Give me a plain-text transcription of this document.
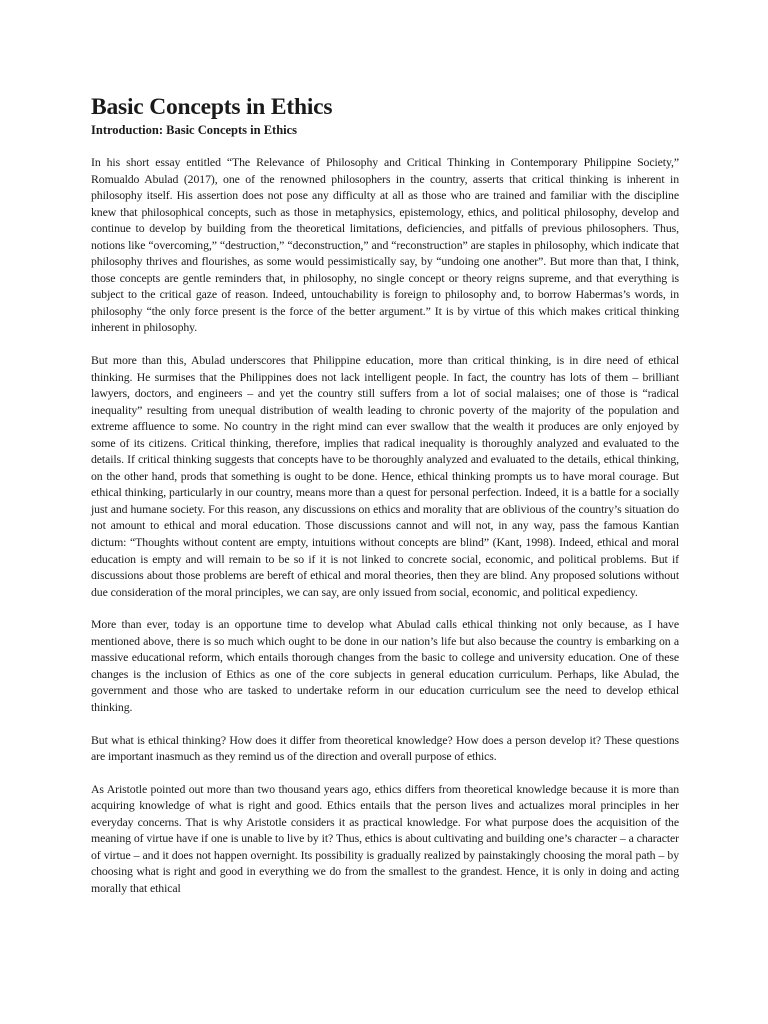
Basic Concepts in Ethics
Introduction: Basic Concepts in Ethics

In his short essay entitled “The Relevance of Philosophy and Critical Thinking in Contemporary Philippine Society,” Romualdo Abulad (2017), one of the renowned philosophers in the country, asserts that critical thinking is inherent in philosophy itself. His assertion does not pose any difficulty at all as those who are trained and familiar with the discipline knew that philosophical concepts, such as those in metaphysics, epistemology, ethics, and political philosophy, develop and continue to develop by building from the theoretical limitations, deficiencies, and pitfalls of previous philosophers. Thus, notions like “overcoming,” “destruction,” “deconstruction,” and “reconstruction” are staples in philosophy, which indicate that philosophy thrives and flourishes, as some would pessimistically say, by “undoing one another”. But more than that, I think, those concepts are gentle reminders that, in philosophy, no single concept or theory reigns supreme, and that everything is subject to the critical gaze of reason. Indeed, untouchability is foreign to philosophy and, to borrow Habermas’s words, in philosophy “the only force present is the force of the better argument.” It is by virtue of this which makes critical thinking inherent in philosophy.

But more than this, Abulad underscores that Philippine education, more than critical thinking, is in dire need of ethical thinking. He surmises that the Philippines does not lack intelligent people. In fact, the country has lots of them – brilliant lawyers, doctors, and engineers – and yet the country still suffers from a lot of social malaises; one of those is “radical inequality” resulting from unequal distribution of wealth leading to chronic poverty of the majority of the population and extreme affluence to some. No country in the right mind can ever swallow that the wealth it produces are only enjoyed by some of its citizens. Critical thinking, therefore, implies that radical inequality is thoroughly analyzed and evaluated to the details. If critical thinking suggests that concepts have to be thoroughly analyzed and evaluated to the details, ethical thinking, on the other hand, prods that something is ought to be done. Hence, ethical thinking prompts us to have moral courage. But ethical thinking, particularly in our country, means more than a quest for personal perfection. Indeed, it is a battle for a socially just and humane society. For this reason, any discussions on ethics and morality that are oblivious of the country’s situation do not amount to ethical and moral education. Those discussions cannot and will not, in any way, pass the famous Kantian dictum: “Thoughts without content are empty, intuitions without concepts are blind” (Kant, 1998). Indeed, ethical and moral education is empty and will remain to be so if it is not linked to concrete social, economic, and political problems. But if discussions about those problems are bereft of ethical and moral theories, then they are blind. Any proposed solutions without due consideration of the moral principles, we can say, are only issued from social, economic, and political expediency.

More than ever, today is an opportune time to develop what Abulad calls ethical thinking not only because, as I have mentioned above, there is so much which ought to be done in our nation’s life but also because the country is embarking on a massive educational reform, which entails thorough changes from the basic to college and university education. One of these changes is the inclusion of Ethics as one of the core subjects in general education curriculum. Perhaps, like Abulad, the government and those who are tasked to undertake reform in our education curriculum see the need to develop ethical thinking.

But what is ethical thinking? How does it differ from theoretical knowledge? How does a person develop it? These questions are important inasmuch as they remind us of the direction and overall purpose of ethics.

As Aristotle pointed out more than two thousand years ago, ethics differs from theoretical knowledge because it is more than acquiring knowledge of what is right and good. Ethics entails that the person lives and actualizes moral principles in her everyday concerns. That is why Aristotle considers it as practical knowledge. For what purpose does the acquisition of the meaning of virtue have if one is unable to live by it? Thus, ethics is about cultivating and building one’s character – a character of virtue – and it does not happen overnight. Its possibility is gradually realized by painstakingly choosing the moral path – by choosing what is right and good in everything we do from the smallest to the grandest. Hence, it is only in doing and acting morally that ethical
